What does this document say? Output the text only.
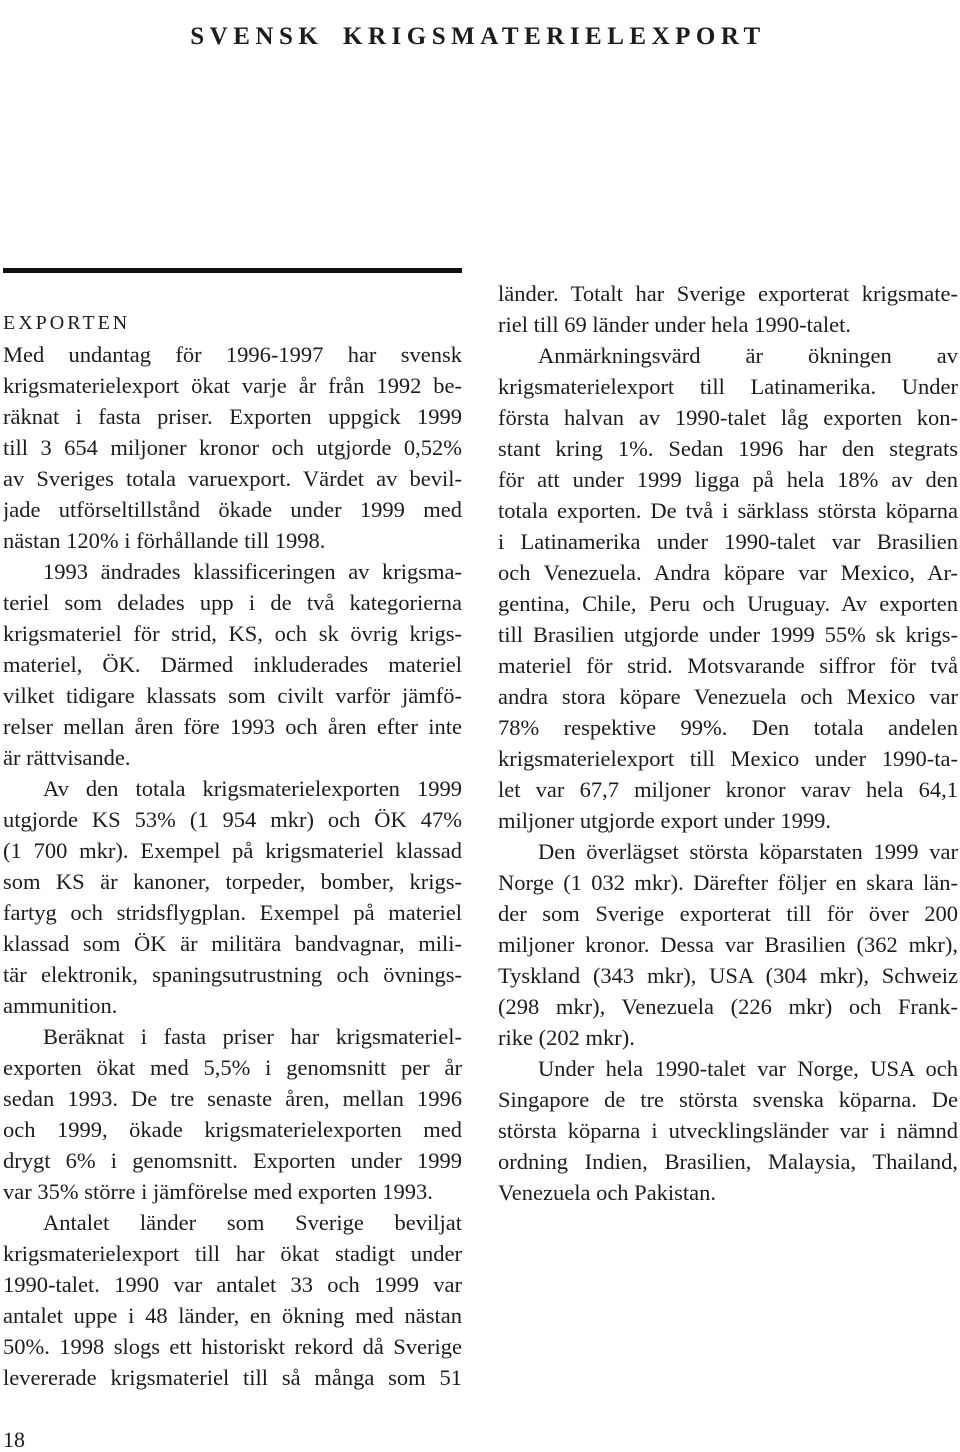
SVENSK KRIGSMATERIELEXPORT
EXPORTEN
Med undantag för 1996-1997 har svensk
krigsmaterielexport ökat varje år från 1992 be-
räknat i fasta priser. Exporten uppgick 1999
till 3 654 miljoner kronor och utgjorde 0,52%
av Sveriges totala varuexport. Värdet av bevil-
jade utförseltillstånd ökade under 1999 med
nästan 120% i förhållande till 1998.
1993 ändrades klassificeringen av krigsma-
teriel som delades upp i de två kategorierna
krigsmateriel för strid, KS, och sk övrig krigs-
materiel, ÖK. Därmed inkluderades materiel
vilket tidigare klassats som civilt varför jämfö-
relser mellan åren före 1993 och åren efter inte
är rättvisande.
Av den totala krigsmaterielexporten 1999
utgjorde KS 53% (1 954 mkr) och ÖK 47%
(1 700 mkr). Exempel på krigsmateriel klassad
som KS är kanoner, torpeder, bomber, krigs-
fartyg och stridsflygplan. Exempel på materiel
klassad som ÖK är militära bandvagnar, mili-
tär elektronik, spaningsutrustning och övnings-
ammunition.
Beräknat i fasta priser har krigsmateriel-
exporten ökat med 5,5% i genomsnitt per år
sedan 1993. De tre senaste åren, mellan 1996
och 1999, ökade krigsmaterielexporten med
drygt 6% i genomsnitt. Exporten under 1999
var 35% större i jämförelse med exporten 1993.
Antalet länder som Sverige beviljat
krigsmaterielexport till har ökat stadigt under
1990-talet. 1990 var antalet 33 och 1999 var
antalet uppe i 48 länder, en ökning med nästan
50%. 1998 slogs ett historiskt rekord då Sverige
levererade krigsmateriel till så många som 51
länder. Totalt har Sverige exporterat krigsmate-
riel till 69 länder under hela 1990-talet.
Anmärkningsvärd är ökningen av
krigsmaterielexport till Latinamerika. Under
första halvan av 1990-talet låg exporten kon-
stant kring 1%. Sedan 1996 har den stegrats
för att under 1999 ligga på hela 18% av den
totala exporten. De två i särklass största köparna
i Latinamerika under 1990-talet var Brasilien
och Venezuela. Andra köpare var Mexico, Ar-
gentina, Chile, Peru och Uruguay. Av exporten
till Brasilien utgjorde under 1999 55% sk krigs-
materiel för strid. Motsvarande siffror för två
andra stora köpare Venezuela och Mexico var
78% respektive 99%. Den totala andelen
krigsmaterielexport till Mexico under 1990-ta-
let var 67,7 miljoner kronor varav hela 64,1
miljoner utgjorde export under 1999.
Den överlägset största köparstaten 1999 var
Norge (1 032 mkr). Därefter följer en skara län-
der som Sverige exporterat till för över 200
miljoner kronor. Dessa var Brasilien (362 mkr),
Tyskland (343 mkr), USA (304 mkr), Schweiz
(298 mkr), Venezuela (226 mkr) och Frank-
rike (202 mkr).
Under hela 1990-talet var Norge, USA och
Singapore de tre största svenska köparna. De
största köparna i utvecklingsländer var i nämnd
ordning Indien, Brasilien, Malaysia, Thailand,
Venezuela och Pakistan.
18
